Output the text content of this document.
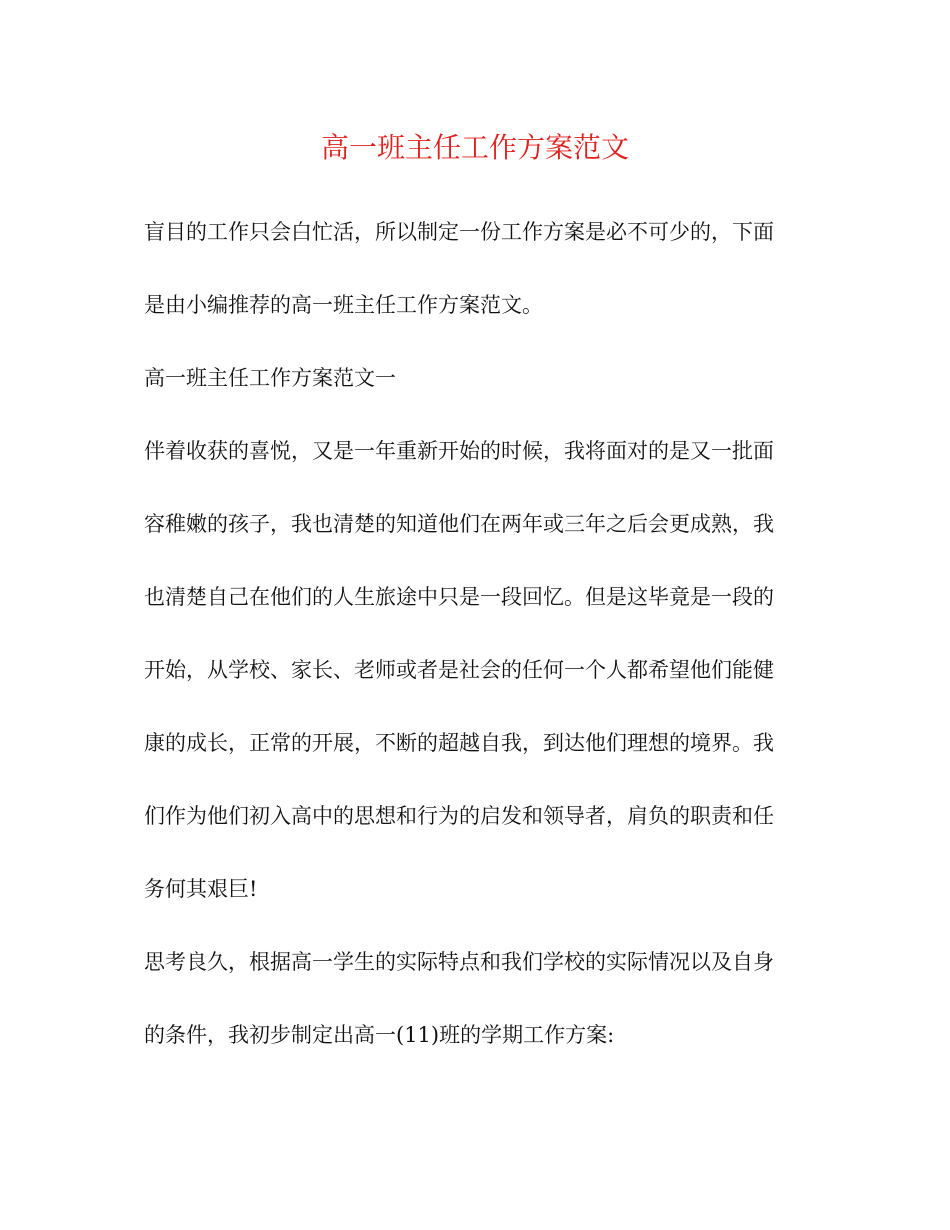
高一班主任工作方案范文

盲目的工作只会白忙活，所以制定一份工作方案是必不可少的，下面

是由小编推荐的高一班主任工作方案范文。

高一班主任工作方案范文一

伴着收获的喜悦，又是一年重新开始的时候，我将面对的是又一批面

容稚嫩的孩子，我也清楚的知道他们在两年或三年之后会更成熟，我

也清楚自己在他们的人生旅途中只是一段回忆。但是这毕竟是一段的

开始，从学校、家长、老师或者是社会的任何一个人都希望他们能健

康的成长，正常的开展，不断的超越自我，到达他们理想的境界。我

们作为他们初入高中的思想和行为的启发和领导者，肩负的职责和任

务何其艰巨!

思考良久，根据高一学生的实际特点和我们学校的实际情况以及自身

的条件，我初步制定出高一(11)班的学期工作方案:
